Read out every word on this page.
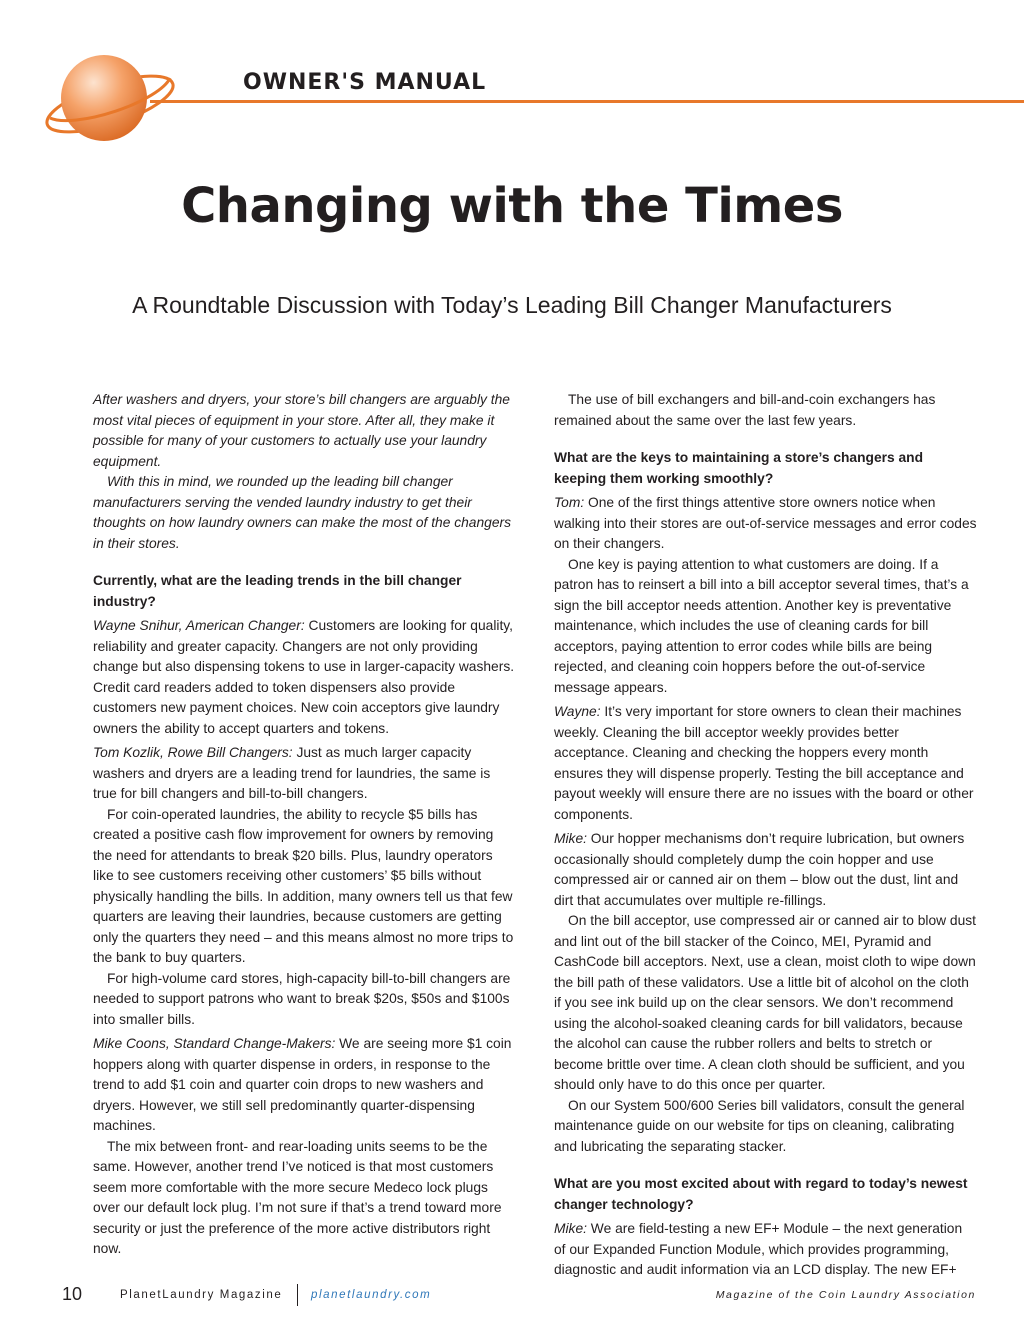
OWNER'S MANUAL
Changing with the Times
A Roundtable Discussion with Today’s Leading Bill Changer Manufacturers

After washers and dryers, your store’s bill changers are arguably the most vital pieces of equipment in your store. After all, they make it possible for many of your customers to actually use your laundry equipment.

With this in mind, we rounded up the leading bill changer manufacturers serving the vended laundry industry to get their thoughts on how laundry owners can make the most of the changers in their stores.

Currently, what are the leading trends in the bill changer industry?

Wayne Snihur, American Changer: Customers are looking for quality, reliability and greater capacity. Changers are not only providing change but also dispensing tokens to use in larger-capacity washers. Credit card readers added to token dispensers also provide customers new payment choices. New coin acceptors give laundry owners the ability to accept quarters and tokens.

Tom Kozlik, Rowe Bill Changers: Just as much larger capacity washers and dryers are a leading trend for laundries, the same is true for bill changers and bill-to-bill changers.

For coin-operated laundries, the ability to recycle $5 bills has created a positive cash flow improvement for owners by removing the need for attendants to break $20 bills. Plus, laundry operators like to see customers receiving other customers’ $5 bills without physically handling the bills. In addition, many owners tell us that few quarters are leaving their laundries, because customers are getting only the quarters they need – and this means almost no more trips to the bank to buy quarters.

For high-volume card stores, high-capacity bill-to-bill changers are needed to support patrons who want to break $20s, $50s and $100s into smaller bills.

Mike Coons, Standard Change-Makers: We are seeing more $1 coin hoppers along with quarter dispense in orders, in response to the trend to add $1 coin and quarter coin drops to new washers and dryers. However, we still sell predominantly quarter-dispensing machines.

The mix between front- and rear-loading units seems to be the same. However, another trend I’ve noticed is that most customers seem more comfortable with the more secure Medeco lock plugs over our default lock plug. I’m not sure if that’s a trend toward more security or just the preference of the more active distributors right now.

The use of bill exchangers and bill-and-coin exchangers has remained about the same over the last few years.

What are the keys to maintaining a store’s changers and keeping them working smoothly?

Tom: One of the first things attentive store owners notice when walking into their stores are out-of-service messages and error codes on their changers.

One key is paying attention to what customers are doing. If a patron has to reinsert a bill into a bill acceptor several times, that’s a sign the bill acceptor needs attention. Another key is preventative maintenance, which includes the use of cleaning cards for bill acceptors, paying attention to error codes while bills are being rejected, and cleaning coin hoppers before the out-of-service message appears.

Wayne: It’s very important for store owners to clean their machines weekly. Cleaning the bill acceptor weekly provides better acceptance. Cleaning and checking the hoppers every month ensures they will dispense properly. Testing the bill acceptance and payout weekly will ensure there are no issues with the board or other components.

Mike: Our hopper mechanisms don’t require lubrication, but owners occasionally should completely dump the coin hopper and use compressed air or canned air on them – blow out the dust, lint and dirt that accumulates over multiple re-fillings.

On the bill acceptor, use compressed air or canned air to blow dust and lint out of the bill stacker of the Coinco, MEI, Pyramid and CashCode bill acceptors. Next, use a clean, moist cloth to wipe down the bill path of these validators. Use a little bit of alcohol on the cloth if you see ink build up on the clear sensors. We don’t recommend using the alcohol-soaked cleaning cards for bill validators, because the alcohol can cause the rubber rollers and belts to stretch or become brittle over time. A clean cloth should be sufficient, and you should only have to do this once per quarter.

On our System 500/600 Series bill validators, consult the general maintenance guide on our website for tips on cleaning, calibrating and lubricating the separating stacker.

What are you most excited about with regard to today’s newest changer technology?

Mike: We are field-testing a new EF+ Module – the next generation of our Expanded Function Module, which provides programming, diagnostic and audit information via an LCD display. The new EF+

10	PlanetLaundry Magazine planetlaundry.com	Magazine of the Coin Laundry Association
